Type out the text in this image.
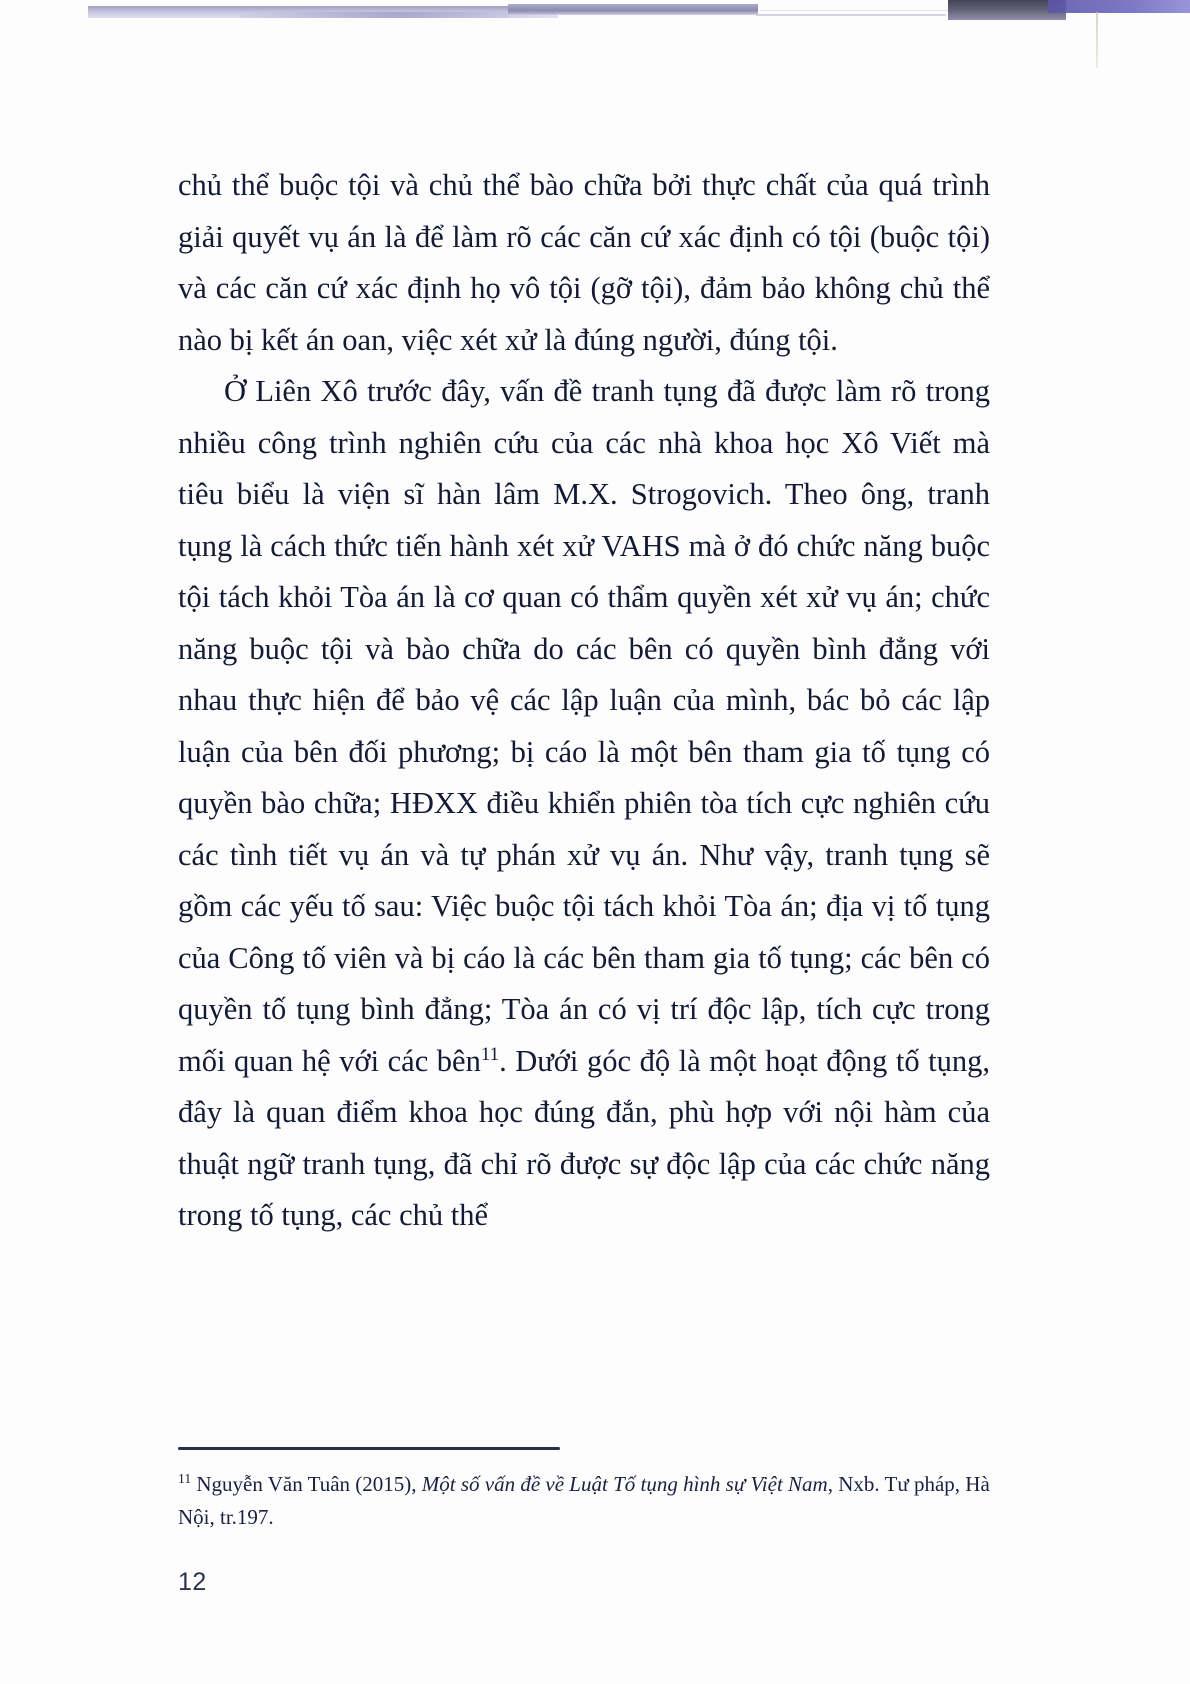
chủ thể buộc tội và chủ thể bào chữa bởi thực chất của quá trình giải quyết vụ án là để làm rõ các căn cứ xác định có tội (buộc tội) và các căn cứ xác định họ vô tội (gỡ tội), đảm bảo không chủ thể nào bị kết án oan, việc xét xử là đúng người, đúng tội.

Ở Liên Xô trước đây, vấn đề tranh tụng đã được làm rõ trong nhiều công trình nghiên cứu của các nhà khoa học Xô Viết mà tiêu biểu là viện sĩ hàn lâm M.X. Strogovich. Theo ông, tranh tụng là cách thức tiến hành xét xử VAHS mà ở đó chức năng buộc tội tách khỏi Tòa án là cơ quan có thẩm quyền xét xử vụ án; chức năng buộc tội và bào chữa do các bên có quyền bình đẳng với nhau thực hiện để bảo vệ các lập luận của mình, bác bỏ các lập luận của bên đối phương; bị cáo là một bên tham gia tố tụng có quyền bào chữa; HĐXX điều khiển phiên tòa tích cực nghiên cứu các tình tiết vụ án và tự phán xử vụ án. Như vậy, tranh tụng sẽ gồm các yếu tố sau: Việc buộc tội tách khỏi Tòa án; địa vị tố tụng của Công tố viên và bị cáo là các bên tham gia tố tụng; các bên có quyền tố tụng bình đẳng; Tòa án có vị trí độc lập, tích cực trong mối quan hệ với các bên$^{11}$. Dưới góc độ là một hoạt động tố tụng, đây là quan điểm khoa học đúng đắn, phù hợp với nội hàm của thuật ngữ tranh tụng, đã chỉ rõ được sự độc lập của các chức năng trong tố tụng, các chủ thể

$^{11}$ Nguyễn Văn Tuân (2015), Một số vấn đề về Luật Tố tụng hình sự Việt Nam, Nxb. Tư pháp, Hà Nội, tr.197.

12
